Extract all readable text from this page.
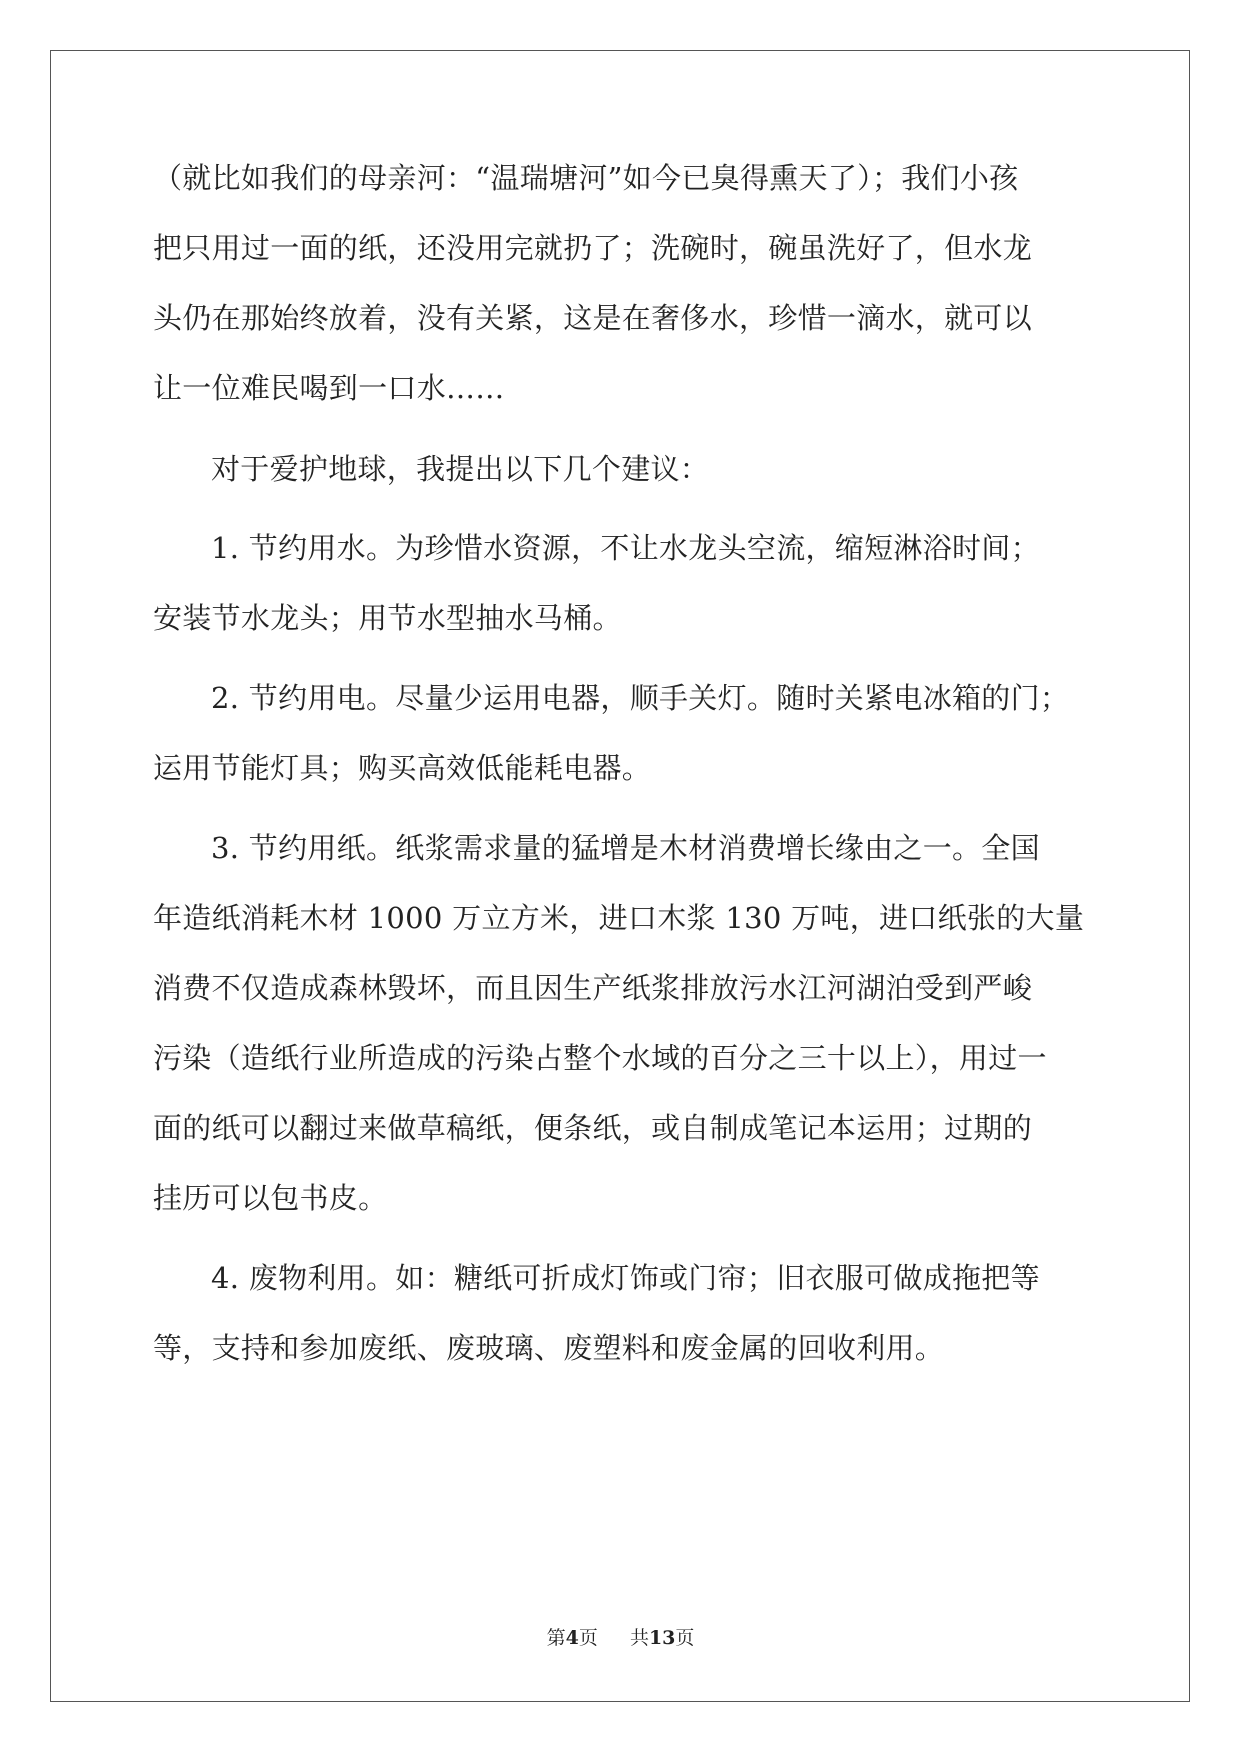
（就比如我们的母亲河：“温瑞塘河”如今已臭得熏天了）；我们小孩
把只用过一面的纸，还没用完就扔了；洗碗时，碗虽洗好了，但水龙
头仍在那始终放着，没有关紧，这是在奢侈水，珍惜一滴水，就可以
让一位难民喝到一口水……
对于爱护地球，我提出以下几个建议：
1. 节约用水。为珍惜水资源，不让水龙头空流，缩短淋浴时间；
安装节水龙头；用节水型抽水马桶。
2. 节约用电。尽量少运用电器，顺手关灯。随时关紧电冰箱的门；
运用节能灯具；购买高效低能耗电器。
3. 节约用纸。纸浆需求量的猛增是木材消费增长缘由之一。全国
年造纸消耗木材 1000 万立方米，进口木浆 130 万吨，进口纸张的大量
消费不仅造成森林毁坏，而且因生产纸浆排放污水江河湖泊受到严峻
污染（造纸行业所造成的污染占整个水域的百分之三十以上），用过一
面的纸可以翻过来做草稿纸，便条纸，或自制成笔记本运用；过期的
挂历可以包书皮。
4. 废物利用。如：糖纸可折成灯饰或门帘；旧衣服可做成拖把等
等，支持和参加废纸、废玻璃、废塑料和废金属的回收利用。
第4页 共13页
